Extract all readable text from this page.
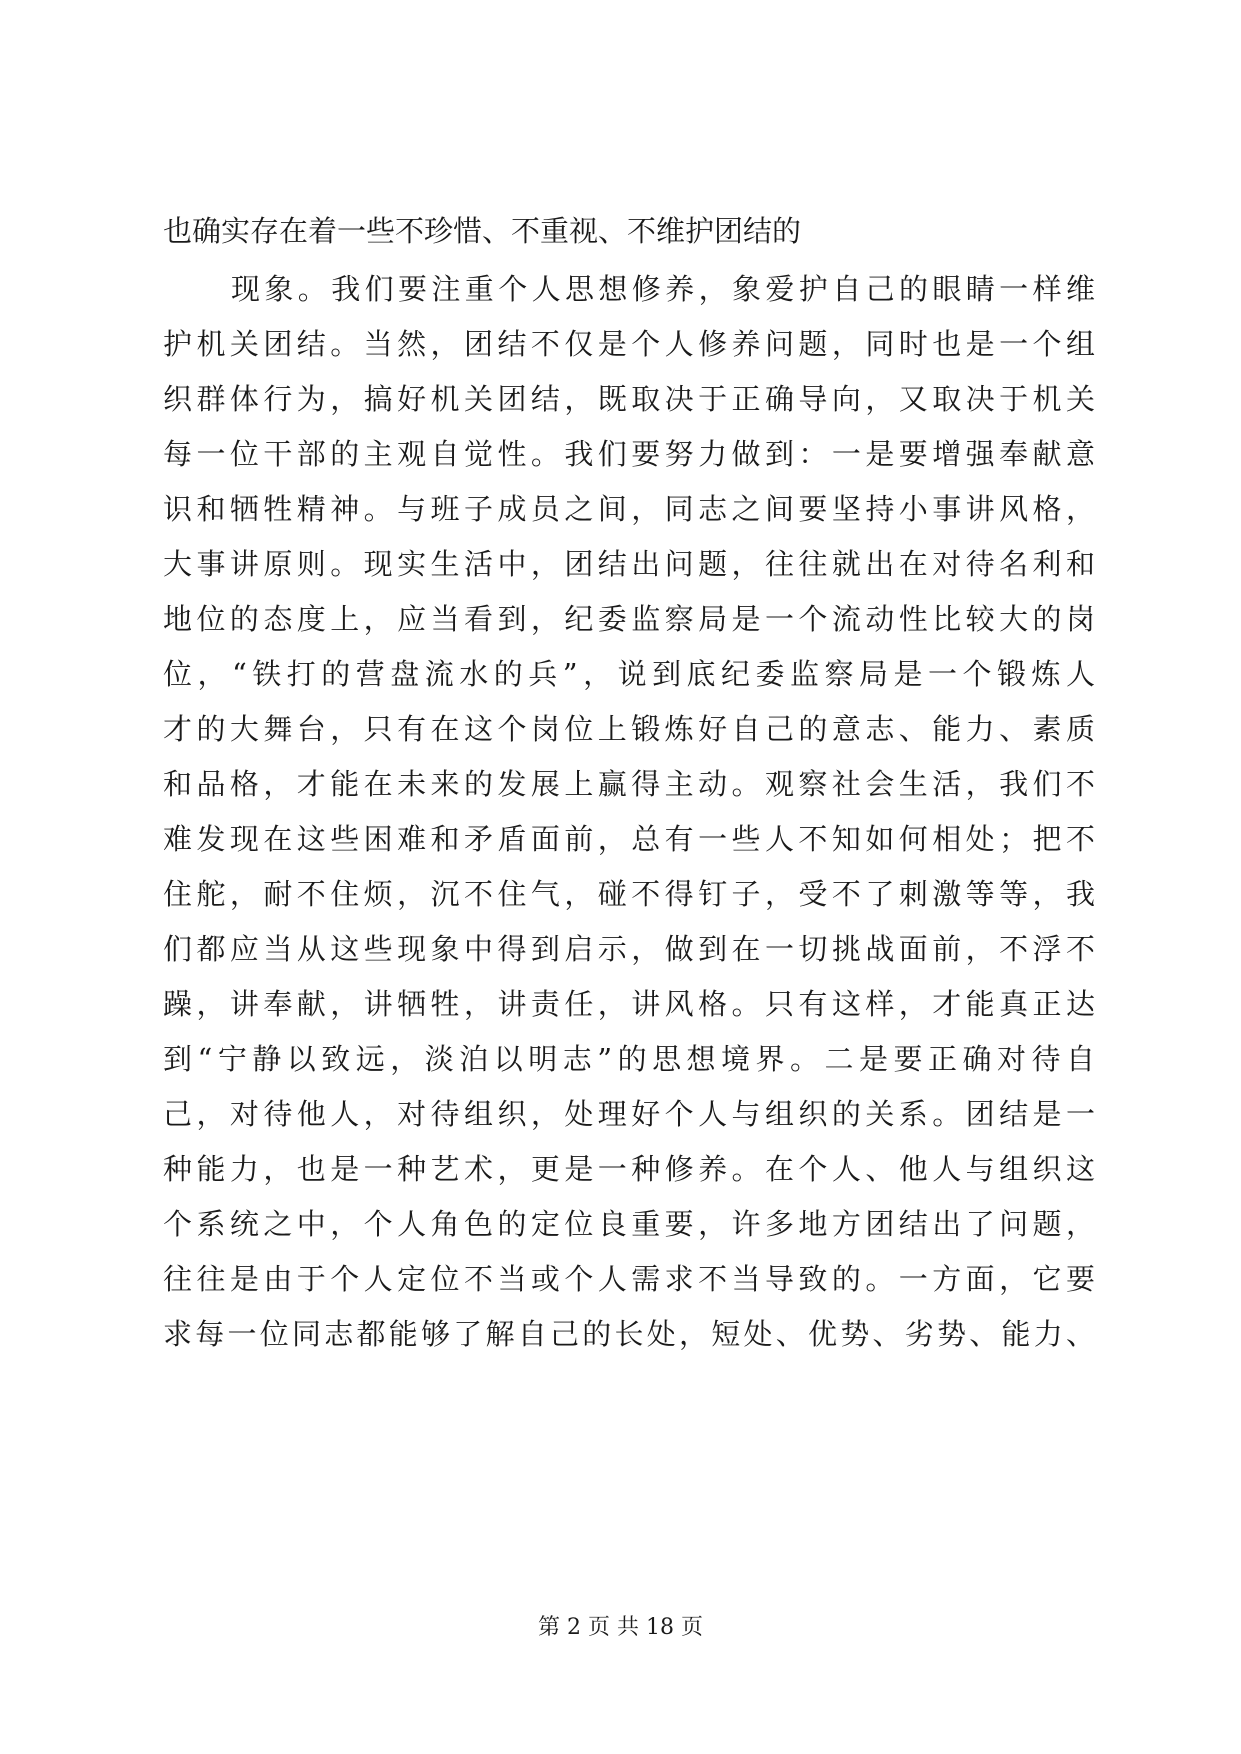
也确实存在着一些不珍惜、不重视、不维护团结的
现象。我们要注重个人思想修养，象爱护自己的眼睛一样维
护机关团结。当然，团结不仅是个人修养问题，同时也是一个组
织群体行为，搞好机关团结，既取决于正确导向，又取决于机关
每一位干部的主观自觉性。我们要努力做到：一是要增强奉献意
识和牺牲精神。与班子成员之间，同志之间要坚持小事讲风格，
大事讲原则。现实生活中，团结出问题，往往就出在对待名利和
地位的态度上，应当看到，纪委监察局是一个流动性比较大的岗
位，“铁打的营盘流水的兵”，说到底纪委监察局是一个锻炼人
才的大舞台，只有在这个岗位上锻炼好自己的意志、能力、素质
和品格，才能在未来的发展上赢得主动。观察社会生活，我们不
难发现在这些困难和矛盾面前，总有一些人不知如何相处；把不
住舵，耐不住烦，沉不住气，碰不得钉子，受不了刺激等等，我
们都应当从这些现象中得到启示，做到在一切挑战面前，不浮不
躁，讲奉献，讲牺牲，讲责任，讲风格。只有这样，才能真正达
到“宁静以致远，淡泊以明志”的思想境界。二是要正确对待自
己，对待他人，对待组织，处理好个人与组织的关系。团结是一
种能力，也是一种艺术，更是一种修养。在个人、他人与组织这
个系统之中，个人角色的定位良重要，许多地方团结出了问题，
往往是由于个人定位不当或个人需求不当导致的。一方面，它要
求每一位同志都能够了解自己的长处，短处、优势、劣势、能力、
第 2 页 共 18 页
